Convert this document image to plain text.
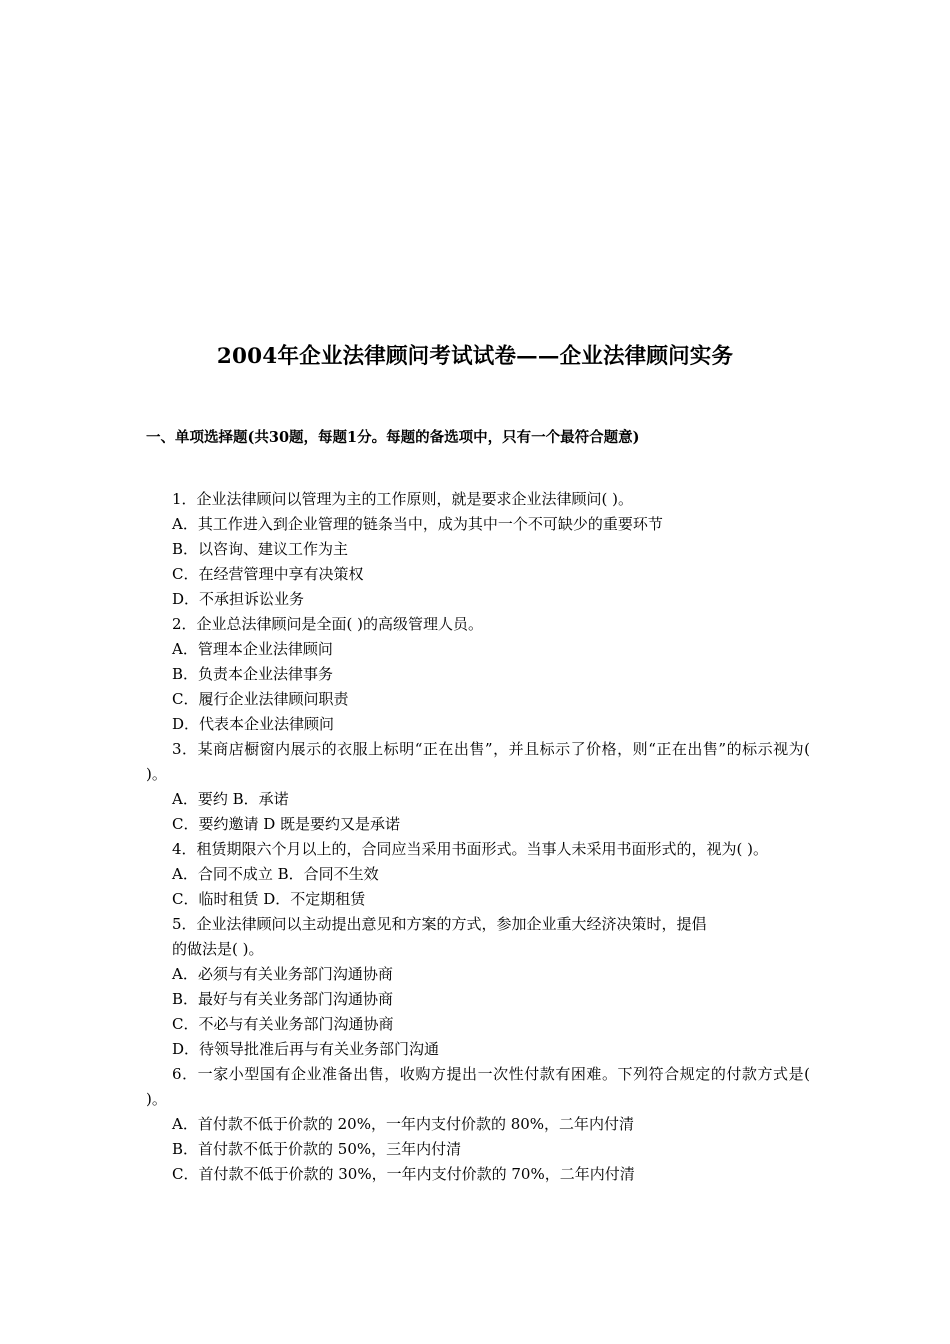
2004年企业法律顾问考试试卷——企业法律顾问实务
一、单项选择题(共30题，每题1分。每题的备选项中，只有一个最符合题意)
1．企业法律顾问以管理为主的工作原则，就是要求企业法律顾问( )。
A．其工作进入到企业管理的链条当中，成为其中一个不可缺少的重要环节
B．以咨询、建议工作为主
C．在经营管理中享有决策权
D．不承担诉讼业务
2．企业总法律顾问是全面( )的高级管理人员。
A．管理本企业法律顾问
B．负责本企业法律事务
C．履行企业法律顾问职责
D．代表本企业法律顾问
3．某商店橱窗内展示的衣服上标明“正在出售”，并且标示了价格，则“正在出售”的标示视为( )。
A．要约 B．承诺
C．要约邀请 D 既是要约又是承诺
4．租赁期限六个月以上的，合同应当采用书面形式。当事人未采用书面形式的，视为( )。
A．合同不成立 B．合同不生效
C．临时租赁 D．不定期租赁
5．企业法律顾问以主动提出意见和方案的方式，参加企业重大经济决策时，提倡
的做法是( )。
A．必须与有关业务部门沟通协商
B．最好与有关业务部门沟通协商
C．不必与有关业务部门沟通协商
D．待领导批准后再与有关业务部门沟通
6．一家小型国有企业准备出售，收购方提出一次性付款有困难。下列符合规定的付款方式是( )。
A．首付款不低于价款的 20%，一年内支付价款的 80%，二年内付清
B．首付款不低于价款的 50%，三年内付清
C．首付款不低于价款的 30%，一年内支付价款的 70%，二年内付清
